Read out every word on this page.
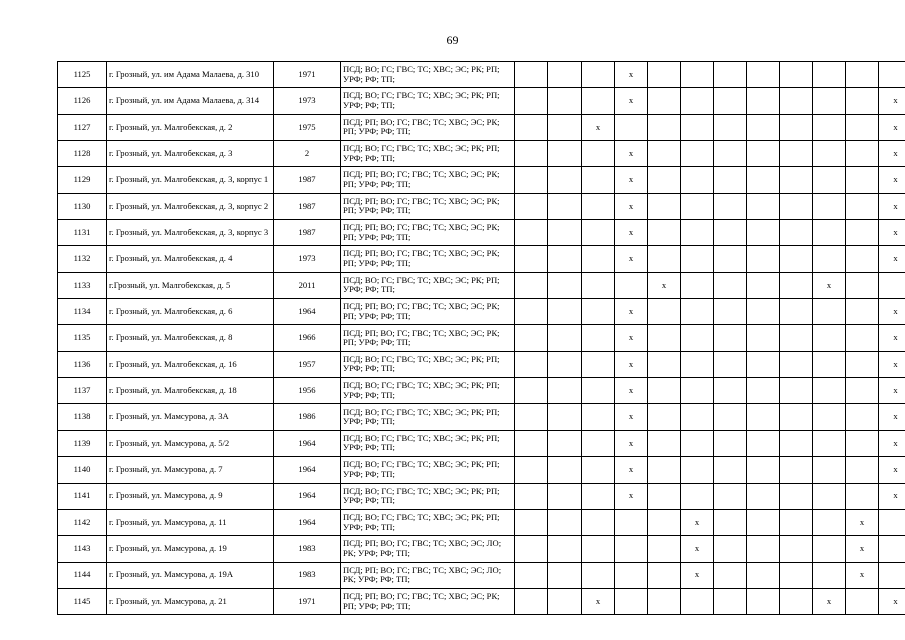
69
1125	г. Грозный, ул. им Адама Малаева, д. 310	1971	ПСД; ВО; ГС; ГВС; ТС; ХВС; ЭС; РК; РП; УРФ; РФ; ТП;				x								
1126	г. Грозный, ул. им Адама Малаева, д. 314	1973	ПСД; ВО; ГС; ГВС; ТС; ХВС; ЭС; РК; РП; УРФ; РФ; ТП;				x								x
1127	г. Грозный, ул. Малгобекская, д. 2	1975	ПСД; РП; ВО; ГС; ГВС; ТС; ХВС; ЭС; РК; РП; УРФ; РФ; ТП;			x									x
1128	г. Грозный, ул. Малгобекская, д. 3	2	ПСД; ВО; ГС; ГВС; ТС; ХВС; ЭС; РК; РП; УРФ; РФ; ТП;				x								x
1129	г. Грозный, ул. Малгобекская, д. 3, корпус 1	1987	ПСД; РП; ВО; ГС; ГВС; ТС; ХВС; ЭС; РК; РП; УРФ; РФ; ТП;				x								x
1130	г. Грозный, ул. Малгобекская, д. 3, корпус 2	1987	ПСД; РП; ВО; ГС; ГВС; ТС; ХВС; ЭС; РК; РП; УРФ; РФ; ТП;				x								x
1131	г. Грозный, ул. Малгобекская, д. 3, корпус 3	1987	ПСД; РП; ВО; ГС; ГВС; ТС; ХВС; ЭС; РК; РП; УРФ; РФ; ТП;				x								x
1132	г. Грозный, ул. Малгобекская, д. 4	1973	ПСД; РП; ВО; ГС; ГВС; ТС; ХВС; ЭС; РК; РП; УРФ; РФ; ТП;				x								x
1133	г.Грозный, ул. Малгобекская, д. 5	2011	ПСД; ВО; ГС; ГВС; ТС; ХВС; ЭС; РК; РП; УРФ; РФ; ТП;					x					x		
1134	г. Грозный, ул. Малгобекская, д. 6	1964	ПСД; РП; ВО; ГС; ГВС; ТС; ХВС; ЭС; РК; РП; УРФ; РФ; ТП;				x								x
1135	г. Грозный, ул. Малгобекская, д. 8	1966	ПСД; РП; ВО; ГС; ГВС; ТС; ХВС; ЭС; РК; РП; УРФ; РФ; ТП;				x								x
1136	г. Грозный, ул. Малгобекская, д. 16	1957	ПСД; ВО; ГС; ГВС; ТС; ХВС; ЭС; РК; РП; УРФ; РФ; ТП;				x								x
1137	г. Грозный, ул. Малгобекская, д. 18	1956	ПСД; ВО; ГС; ГВС; ТС; ХВС; ЭС; РК; РП; УРФ; РФ; ТП;				x								x
1138	г. Грозный, ул. Мамсурова, д. 3А	1986	ПСД; ВО; ГС; ГВС; ТС; ХВС; ЭС; РК; РП; УРФ; РФ; ТП;				x								x
1139	г. Грозный, ул. Мамсурова, д. 5/2	1964	ПСД; ВО; ГС; ГВС; ТС; ХВС; ЭС; РК; РП; УРФ; РФ; ТП;				x								x
1140	г. Грозный, ул. Мамсурова, д. 7	1964	ПСД; ВО; ГС; ГВС; ТС; ХВС; ЭС; РК; РП; УРФ; РФ; ТП;				x								x
1141	г. Грозный, ул. Мамсурова, д. 9	1964	ПСД; ВО; ГС; ГВС; ТС; ХВС; ЭС; РК; РП; УРФ; РФ; ТП;				x								x
1142	г. Грозный, ул. Мамсурова, д. 11	1964	ПСД; ВО; ГС; ГВС; ТС; ХВС; ЭС; РК; РП; УРФ; РФ; ТП;						x					x	
1143	г. Грозный, ул. Мамсурова, д. 19	1983	ПСД; РП; ВО; ГС; ГВС; ТС; ХВС; ЭС; ЛО; РК; УРФ; РФ; ТП;						x					x	
1144	г. Грозный, ул. Мамсурова, д. 19А	1983	ПСД; РП; ВО; ГС; ГВС; ТС; ХВС; ЭС; ЛО; РК; УРФ; РФ; ТП;						x					x	
1145	г. Грозный, ул. Мамсурова, д. 21	1971	ПСД; РП; ВО; ГС; ГВС; ТС; ХВС; ЭС; РК; РП; УРФ; РФ; ТП;			x							x		x
